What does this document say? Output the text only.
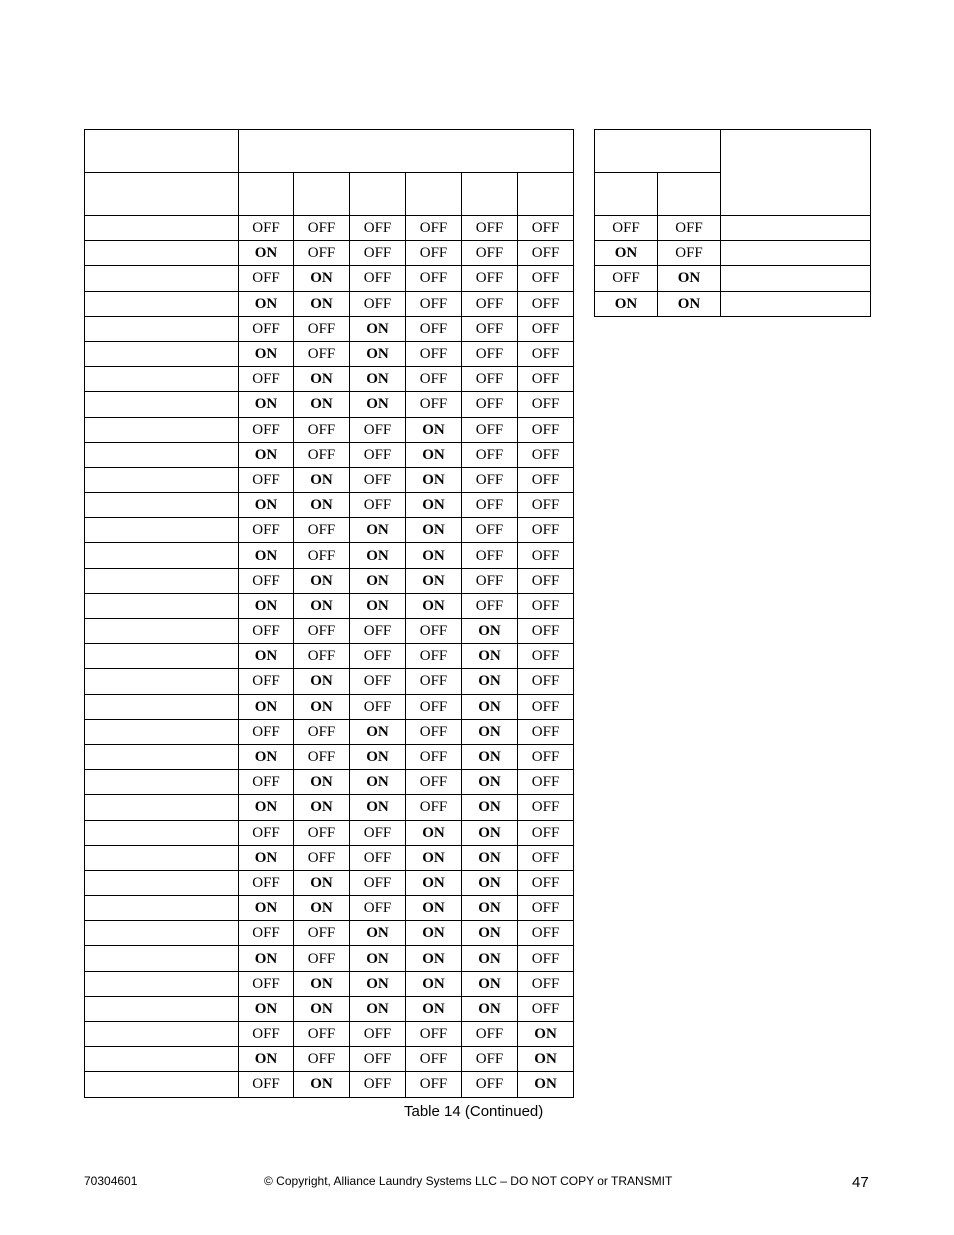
	OFF	OFF	OFF	OFF	OFF	OFF
	ON	OFF	OFF	OFF	OFF	OFF
	OFF	ON	OFF	OFF	OFF	OFF
	ON	ON	OFF	OFF	OFF	OFF
	OFF	OFF	ON	OFF	OFF	OFF
	ON	OFF	ON	OFF	OFF	OFF
	OFF	ON	ON	OFF	OFF	OFF
	ON	ON	ON	OFF	OFF	OFF
	OFF	OFF	OFF	ON	OFF	OFF
	ON	OFF	OFF	ON	OFF	OFF
	OFF	ON	OFF	ON	OFF	OFF
	ON	ON	OFF	ON	OFF	OFF
	OFF	OFF	ON	ON	OFF	OFF
	ON	OFF	ON	ON	OFF	OFF
	OFF	ON	ON	ON	OFF	OFF
	ON	ON	ON	ON	OFF	OFF
	OFF	OFF	OFF	OFF	ON	OFF
	ON	OFF	OFF	OFF	ON	OFF
	OFF	ON	OFF	OFF	ON	OFF
	ON	ON	OFF	OFF	ON	OFF
	OFF	OFF	ON	OFF	ON	OFF
	ON	OFF	ON	OFF	ON	OFF
	OFF	ON	ON	OFF	ON	OFF
	ON	ON	ON	OFF	ON	OFF
	OFF	OFF	OFF	ON	ON	OFF
	ON	OFF	OFF	ON	ON	OFF
	OFF	ON	OFF	ON	ON	OFF
	ON	ON	OFF	ON	ON	OFF
	OFF	OFF	ON	ON	ON	OFF
	ON	OFF	ON	ON	ON	OFF
	OFF	ON	ON	ON	ON	OFF
	ON	ON	ON	ON	ON	OFF
	OFF	OFF	OFF	OFF	OFF	ON
	ON	OFF	OFF	OFF	OFF	ON
	OFF	ON	OFF	OFF	OFF	ON

OFF	OFF	
ON	OFF	
OFF	ON	
ON	ON	
Table 14 (Continued)
70304601	© Copyright, Alliance Laundry Systems LLC – DO NOT COPY or TRANSMIT	47
